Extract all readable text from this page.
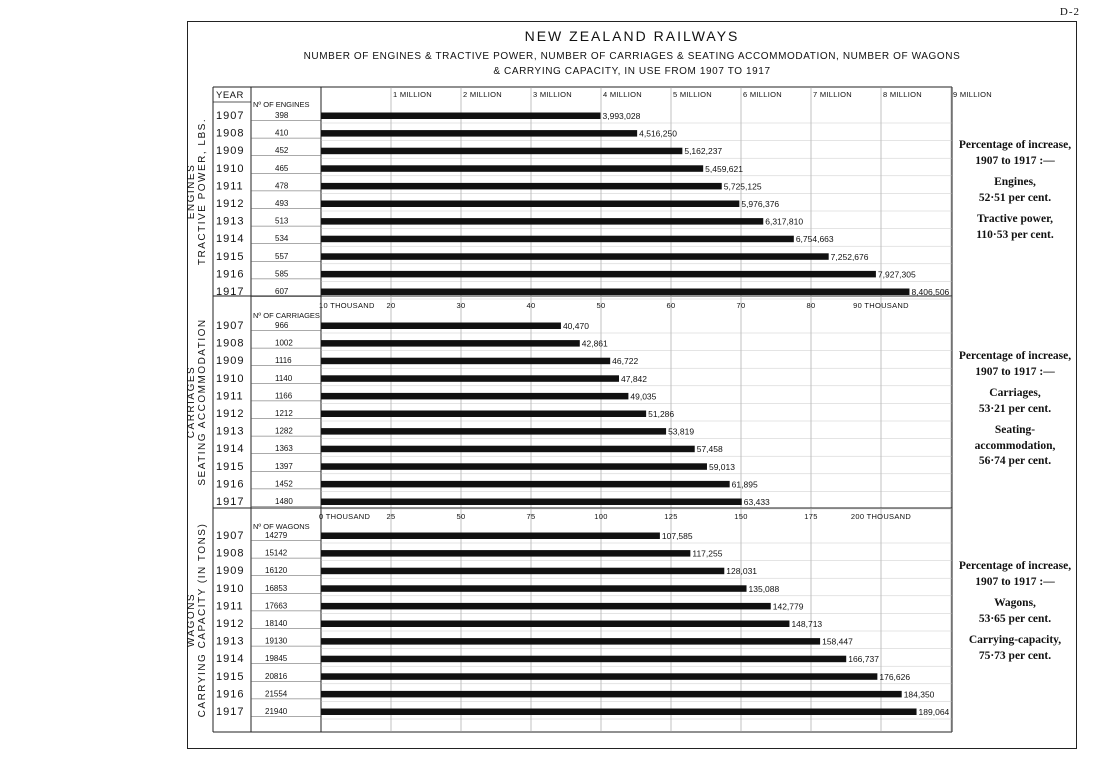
D-2
NEW ZEALAND RAILWAYS
NUMBER OF ENGINES & TRACTIVE POWER, NUMBER OF CARRIAGES & SEATING ACCOMMODATION, NUMBER OF WAGONS
& CARRYING CAPACITY, IN USE FROM 1907 TO 1917
YEAR	1 MILLION	2 MILLION	3 MILLION	4 MILLION	5 MILLION	6 MILLION	7 MILLION	8 MILLION	9 MILLION
Nº OF ENGINES
ENGINES TRACTIVE POWER, LBS.
1907	398	3,993,028
1908	410	4,516,250
1909	452	5,162,237
1910	465	5,459,621
1911	478	5,725,125
1912	493	5,976,376
1913	513	6,317,810
1914	534	6,754,663
1915	557	7,252,676
1916	585	7,927,305
1917	607	8,406,506
10 THOUSAND 20	30	40	50	60	70	80	90 THOUSAND
Nº OF CARRIAGES
CARRIAGES SEATING ACCOMMODATION 1907	966	40,470
1908	1002	42,861
1909	1116	46,722
1910	1140	47,842
1911	1166	49,035
1912	1212	51,286
1913	1282	53,819
1914	1363	57,458
1915	1397	59,013
1916	1452	61,895
1917	1480	63,433
0 THOUSAND 25	50	75	100	125	150	175	200 THOUSAND
Nº OF WAGONS
WAGONS CARRYING CAPACITY (IN TONS) 1907	14279	107,585
1908	15142	117,255
1909	16120	128,031
1910	16853	135,088
1911	17663	142,779
1912	18140	148,713
1913	19130	158,447
1914	19845	166,737
1915	20816	176,626
1916	21554	184,350
1917	21940	189,064
Percentage of increase,
1907 to 1917 :—
Engines,
52·51 per cent.
Tractive power,
110·53 per cent.
Percentage of increase,
1907 to 1917 :—
Carriages,
53·21 per cent.
Seating-accommodation,
56·74 per cent.
Percentage of increase,
1907 to 1917 :—
Wagons,
53·65 per cent.
Carrying-capacity,
75·73 per cent.
